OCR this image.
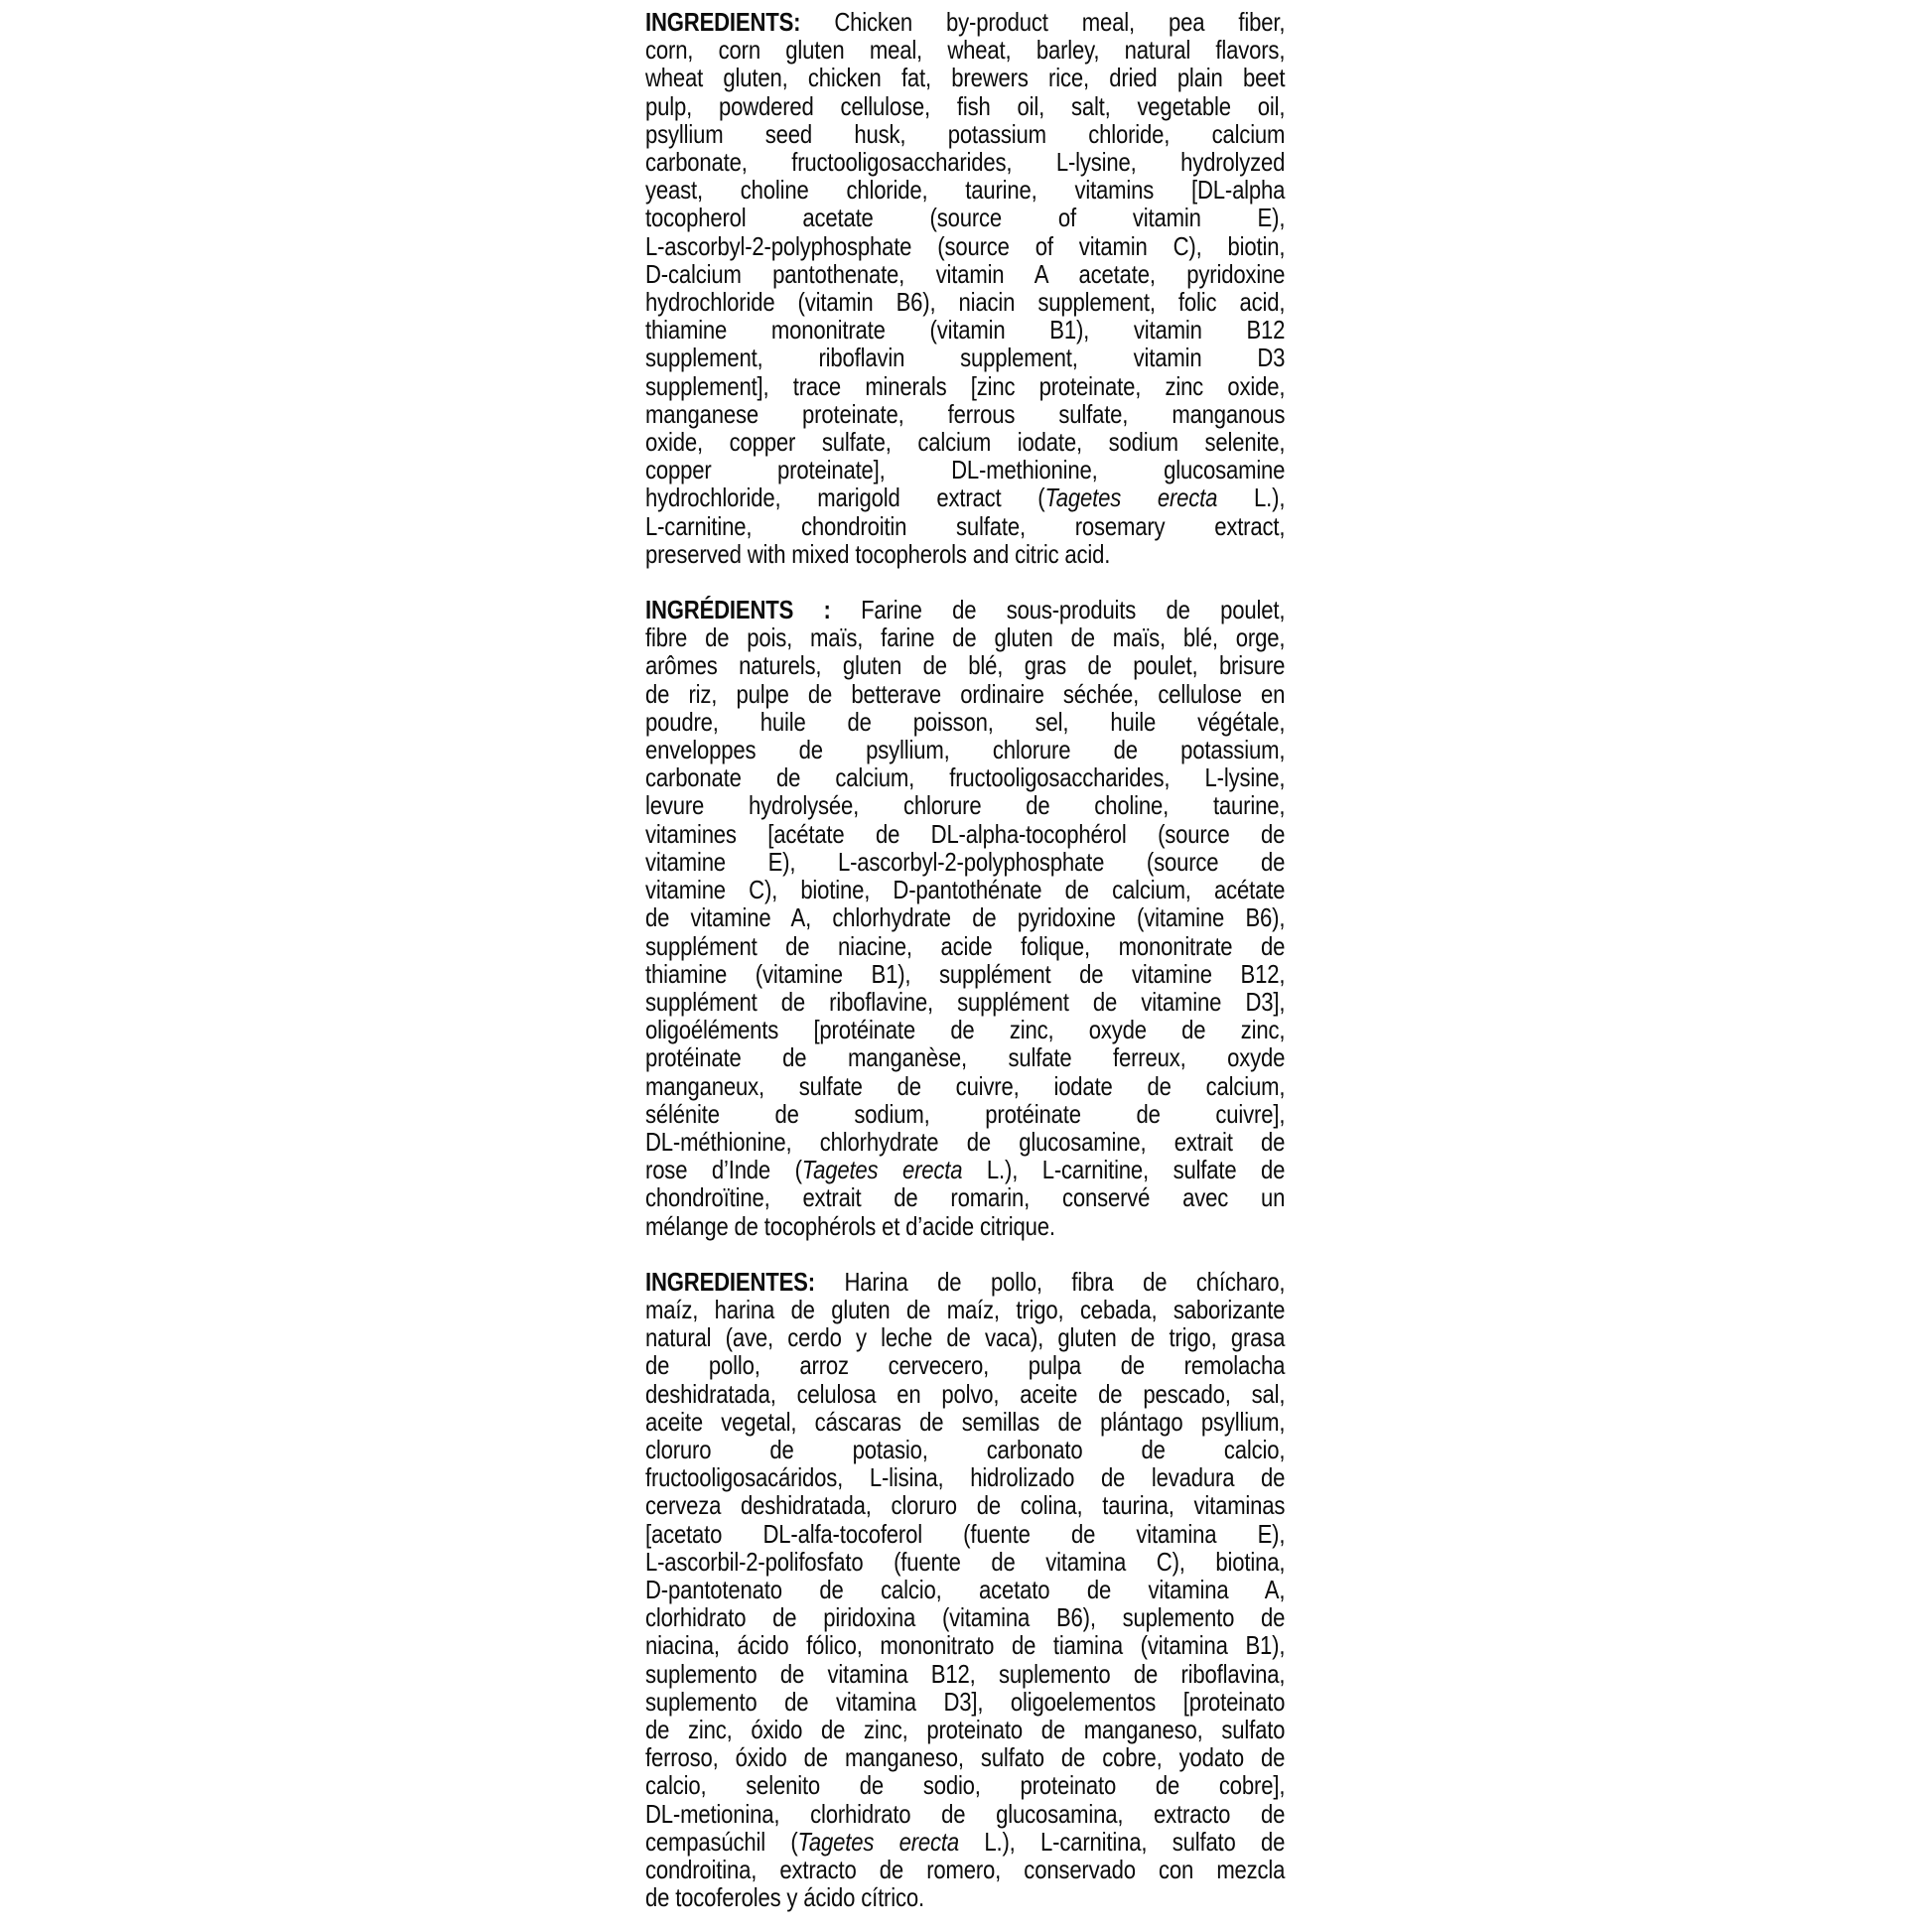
INGREDIENTS: Chicken by-product meal, pea fiber,
corn, corn gluten meal, wheat, barley, natural flavors,
wheat gluten, chicken fat, brewers rice, dried plain beet
pulp, powdered cellulose, fish oil, salt, vegetable oil,
psyllium seed husk, potassium chloride, calcium
carbonate, fructooligosaccharides, L-lysine, hydrolyzed
yeast, choline chloride, taurine, vitamins [DL-alpha
tocopherol acetate (source of vitamin E),
L-ascorbyl-2-polyphosphate (source of vitamin C), biotin,
D-calcium pantothenate, vitamin A acetate, pyridoxine
hydrochloride (vitamin B6), niacin supplement, folic acid,
thiamine mononitrate (vitamin B1), vitamin B12
supplement, riboflavin supplement, vitamin D3
supplement], trace minerals [zinc proteinate, zinc oxide,
manganese proteinate, ferrous sulfate, manganous
oxide, copper sulfate, calcium iodate, sodium selenite,
copper proteinate], DL-methionine, glucosamine
hydrochloride, marigold extract (Tagetes erecta L.),
L-carnitine, chondroitin sulfate, rosemary extract,
preserved with mixed tocopherols and citric acid.
INGRÉDIENTS : Farine de sous-produits de poulet,
fibre de pois, maïs, farine de gluten de maïs, blé, orge,
arômes naturels, gluten de blé, gras de poulet, brisure
de riz, pulpe de betterave ordinaire séchée, cellulose en
poudre, huile de poisson, sel, huile végétale,
enveloppes de psyllium, chlorure de potassium,
carbonate de calcium, fructooligosaccharides, L-lysine,
levure hydrolysée, chlorure de choline, taurine,
vitamines [acétate de DL-alpha-tocophérol (source de
vitamine E), L-ascorbyl-2-polyphosphate (source de
vitamine C), biotine, D-pantothénate de calcium, acétate
de vitamine A, chlorhydrate de pyridoxine (vitamine B6),
supplément de niacine, acide folique, mononitrate de
thiamine (vitamine B1), supplément de vitamine B12,
supplément de riboflavine, supplément de vitamine D3],
oligoéléments [protéinate de zinc, oxyde de zinc,
protéinate de manganèse, sulfate ferreux, oxyde
manganeux, sulfate de cuivre, iodate de calcium,
sélénite de sodium, protéinate de cuivre],
DL-méthionine, chlorhydrate de glucosamine, extrait de
rose d’Inde (Tagetes erecta L.), L-carnitine, sulfate de
chondroïtine, extrait de romarin, conservé avec un
mélange de tocophérols et d’acide citrique.
INGREDIENTES: Harina de pollo, fibra de chícharo,
maíz, harina de gluten de maíz, trigo, cebada, saborizante
natural (ave, cerdo y leche de vaca), gluten de trigo, grasa
de pollo, arroz cervecero, pulpa de remolacha
deshidratada, celulosa en polvo, aceite de pescado, sal,
aceite vegetal, cáscaras de semillas de plántago psyllium,
cloruro de potasio, carbonato de calcio,
fructooligosacáridos, L-lisina, hidrolizado de levadura de
cerveza deshidratada, cloruro de colina, taurina, vitaminas
[acetato DL-alfa-tocoferol (fuente de vitamina E),
L-ascorbil-2-polifosfato (fuente de vitamina C), biotina,
D-pantotenato de calcio, acetato de vitamina A,
clorhidrato de piridoxina (vitamina B6), suplemento de
niacina, ácido fólico, mononitrato de tiamina (vitamina B1),
suplemento de vitamina B12, suplemento de riboflavina,
suplemento de vitamina D3], oligoelementos [proteinato
de zinc, óxido de zinc, proteinato de manganeso, sulfato
ferroso, óxido de manganeso, sulfato de cobre, yodato de
calcio, selenito de sodio, proteinato de cobre],
DL-metionina, clorhidrato de glucosamina, extracto de
cempasúchil (Tagetes erecta L.), L-carnitina, sulfato de
condroitina, extracto de romero, conservado con mezcla
de tocoferoles y ácido cítrico.
